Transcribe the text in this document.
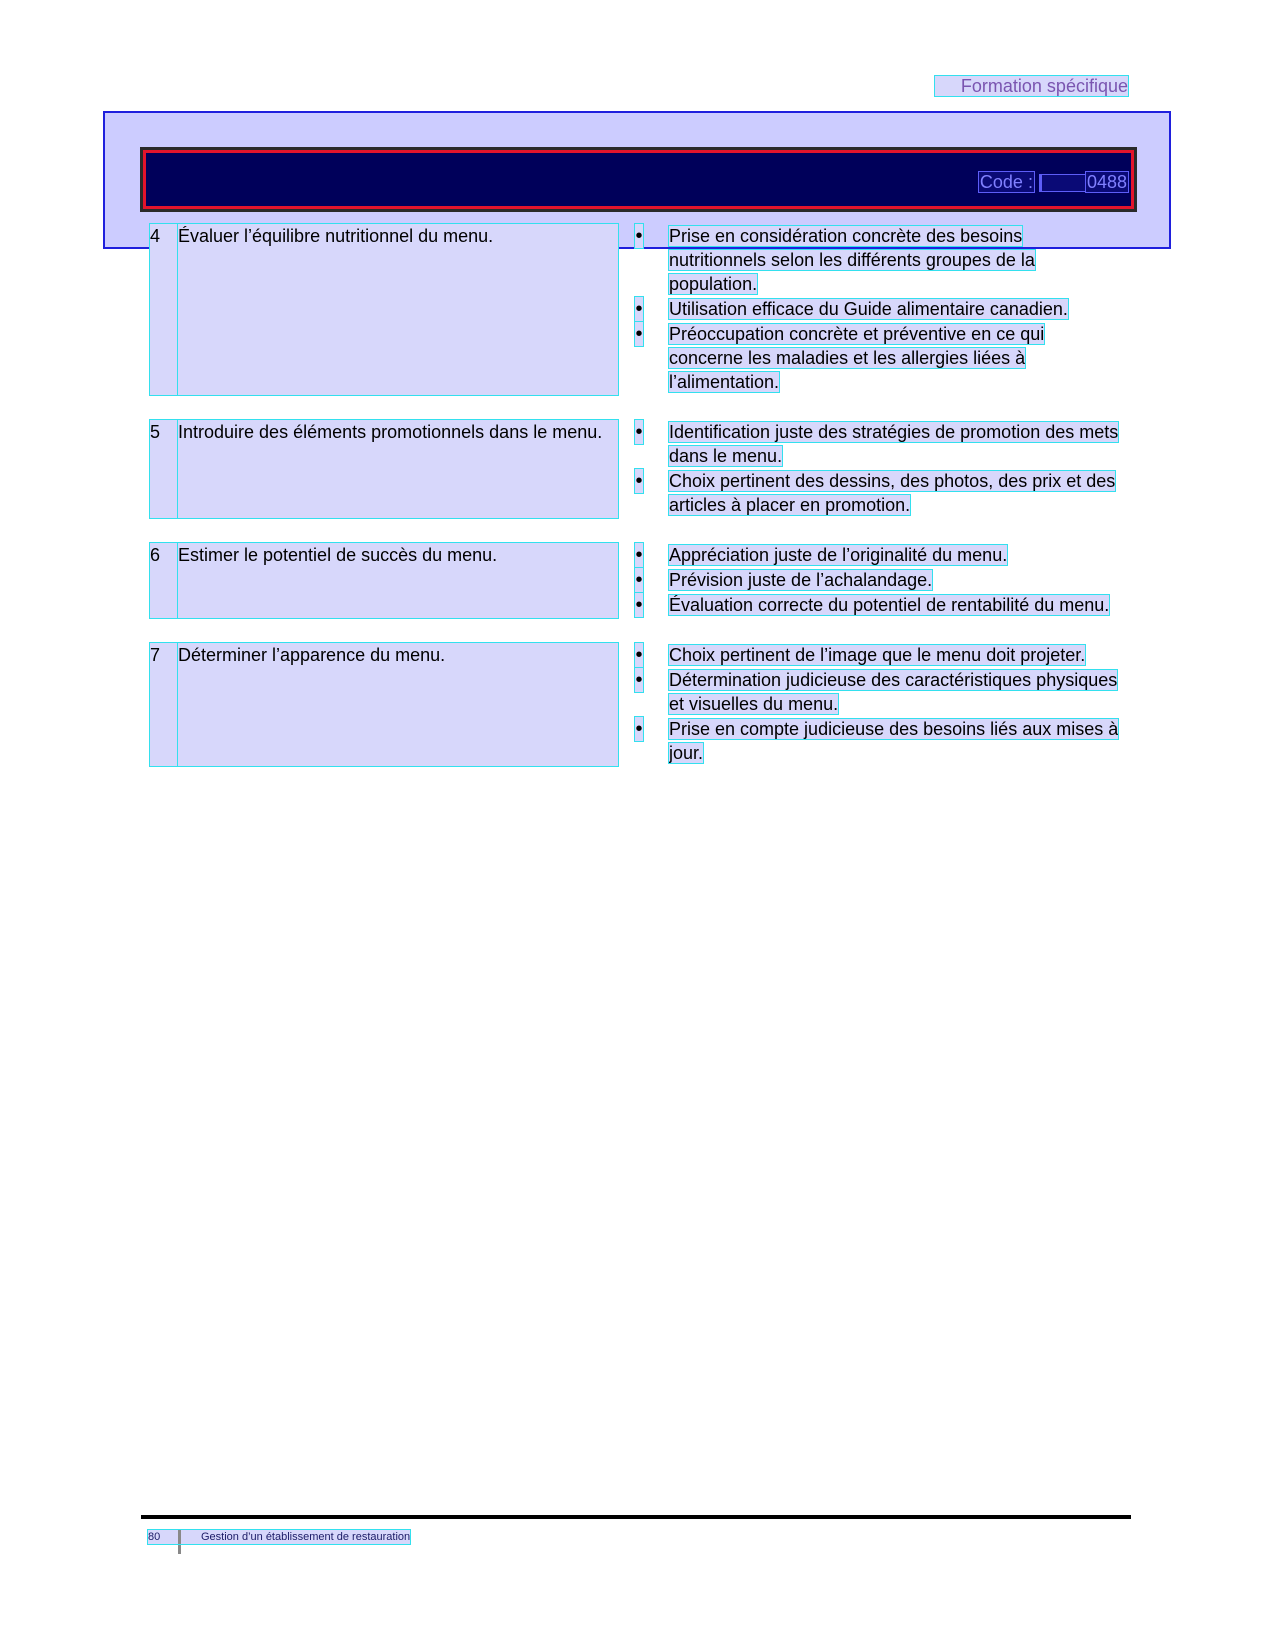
Formation spécifique
Code :	0488
4 Évaluer l’équilibre nutritionnel du menu.	• Prise en considération concrète des besoins nutritionnels selon les différents groupes de la population.
• Utilisation efficace du Guide alimentaire canadien.
• Préoccupation concrète et préventive en ce qui concerne les maladies et les allergies liées à l’alimentation.
5 Introduire des éléments promotionnels dans le menu.	• Identification juste des stratégies de promotion des mets dans le menu.
• Choix pertinent des dessins, des photos, des prix et des articles à placer en promotion.
6 Estimer le potentiel de succès du menu.	• Appréciation juste de l’originalité du menu.
• Prévision juste de l’achalandage.
• Évaluation correcte du potentiel de rentabilité du menu.
7 Déterminer l’apparence du menu.	• Choix pertinent de l’image que le menu doit projeter.
• Détermination judicieuse des caractéristiques physiques et visuelles du menu.
• Prise en compte judicieuse des besoins liés aux mises à jour.
80	Gestion d’un établissement de restauration
